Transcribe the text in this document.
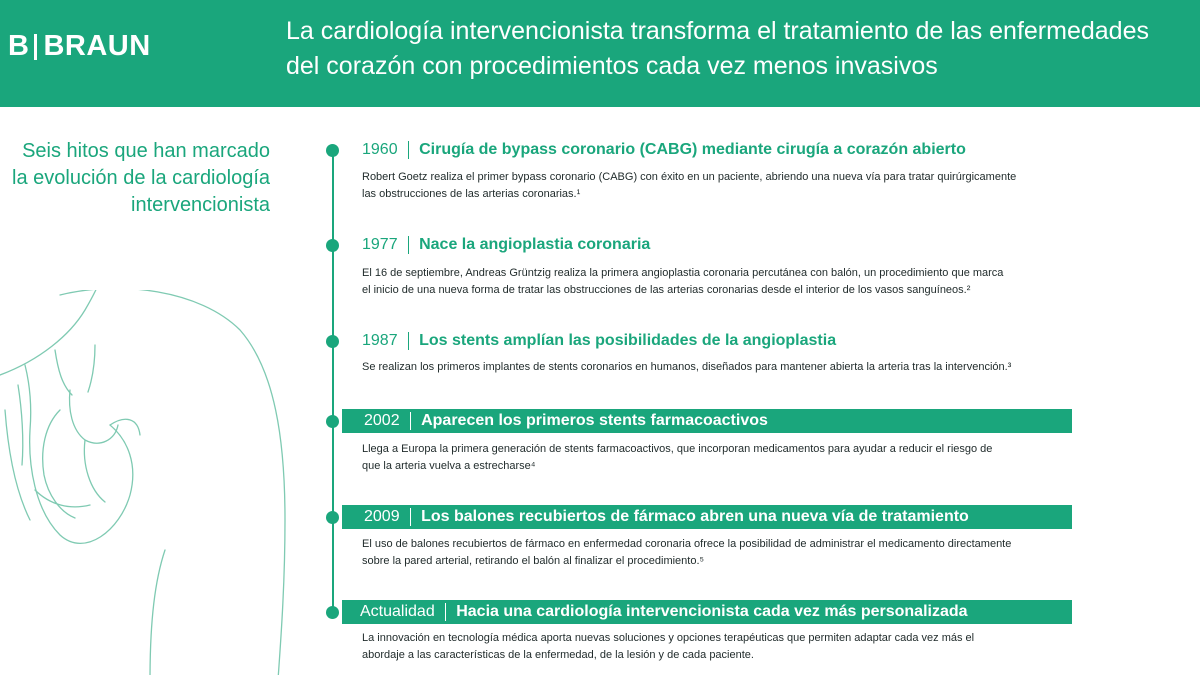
B BRAUN	La cardiología intervencionista transforma el tratamiento de las enfermedades
del corazón con procedimientos cada vez menos invasivos
Seis hitos que han marcado
la evolución de la cardiología
intervencionista
1960 Cirugía de bypass coronario (CABG) mediante cirugía a corazón abierto
Robert Goetz realiza el primer bypass coronario (CABG) con éxito en un paciente, abriendo una nueva vía para tratar quirúrgicamente
las obstrucciones de las arterias coronarias.¹
1977 Nace la angioplastia coronaria
El 16 de septiembre, Andreas Grüntzig realiza la primera angioplastia coronaria percutánea con balón, un procedimiento que marca
el inicio de una nueva forma de tratar las obstrucciones de las arterias coronarias desde el interior de los vasos sanguíneos.²
1987 Los stents amplían las posibilidades de la angioplastia
Se realizan los primeros implantes de stents coronarios en humanos, diseñados para mantener abierta la arteria tras la intervención.³
2002 Aparecen los primeros stents farmacoactivos
Llega a Europa la primera generación de stents farmacoactivos, que incorporan medicamentos para ayudar a reducir el riesgo de
que la arteria vuelva a estrecharse⁴
2009 Los balones recubiertos de fármaco abren una nueva vía de tratamiento
El uso de balones recubiertos de fármaco en enfermedad coronaria ofrece la posibilidad de administrar el medicamento directamente
sobre la pared arterial, retirando el balón al finalizar el procedimiento.⁵
Actualidad Hacia una cardiología intervencionista cada vez más personalizada
La innovación en tecnología médica aporta nuevas soluciones y opciones terapéuticas que permiten adaptar cada vez más el
abordaje a las características de la enfermedad, de la lesión y de cada paciente.
